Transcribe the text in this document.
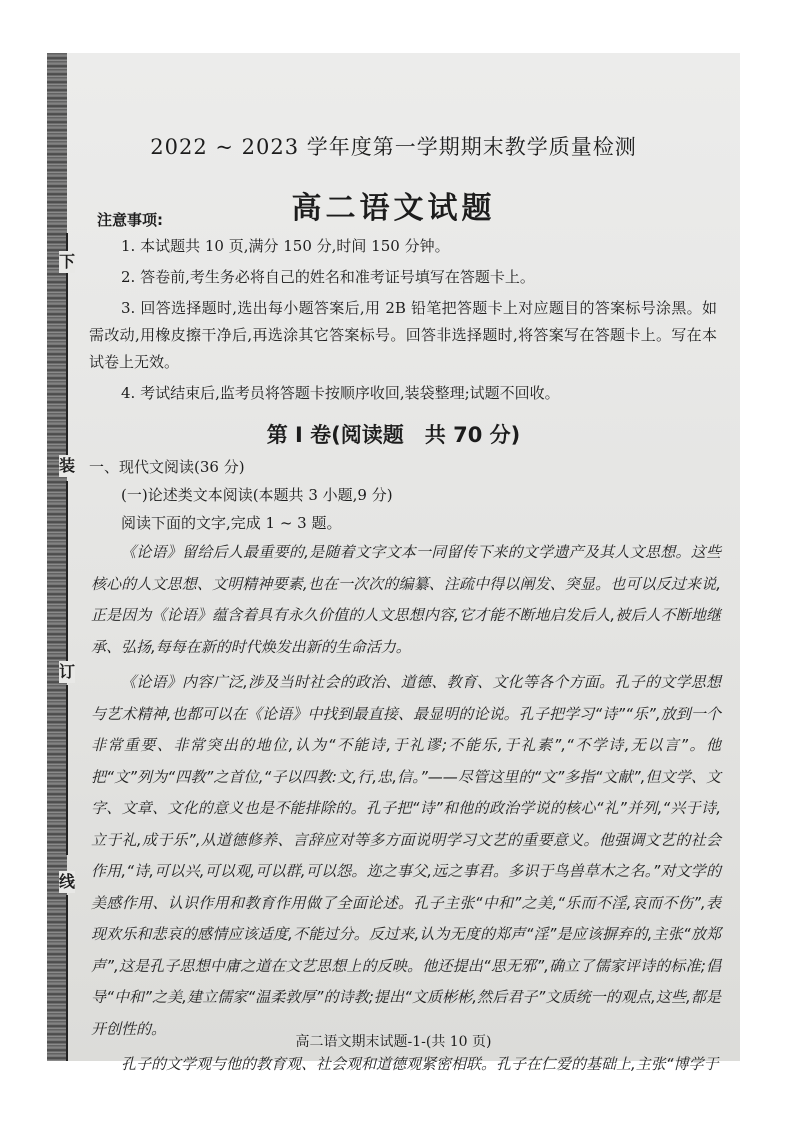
下
装
订
线
2022 ~ 2023 学年度第一学期期末教学质量检测
高二语文试题
注意事项:
1. 本试题共 10 页,满分 150 分,时间 150 分钟。
2. 答卷前,考生务必将自己的姓名和准考证号填写在答题卡上。
3. 回答选择题时,选出每小题答案后,用 2B 铅笔把答题卡上对应题目的答案标号涂黑。如需改动,用橡皮擦干净后,再选涂其它答案标号。回答非选择题时,将答案写在答题卡上。写在本试卷上无效。
4. 考试结束后,监考员将答题卡按顺序收回,装袋整理;试题不回收。
第 I 卷(阅读题　共 70 分)
一、现代文阅读(36 分)
(一)论述类文本阅读(本题共 3 小题,9 分)
阅读下面的文字,完成 1 ~ 3 题。

《论语》留给后人最重要的,是随着文字文本一同留传下来的文学遗产及其人文思想。这些核心的人文思想、文明精神要素,也在一次次的编纂、注疏中得以阐发、突显。也可以反过来说,正是因为《论语》蕴含着具有永久价值的人文思想内容,它才能不断地启发后人,被后人不断地继承、弘扬,每每在新的时代焕发出新的生命活力。

《论语》内容广泛,涉及当时社会的政治、道德、教育、文化等各个方面。孔子的文学思想与艺术精神,也都可以在《论语》中找到最直接、最显明的论说。孔子把学习“诗”“乐”,放到一个非常重要、非常突出的地位,认为“不能诗,于礼谬;不能乐,于礼素”,“不学诗,无以言”。他把“文”列为“四教”之首位,“子以四教:文,行,忠,信。”——尽管这里的“文”多指“文献”,但文学、文字、文章、文化的意义也是不能排除的。孔子把“诗”和他的政治学说的核心“礼”并列,“兴于诗,立于礼,成于乐”,从道德修养、言辞应对等多方面说明学习文艺的重要意义。他强调文艺的社会作用,“诗,可以兴,可以观,可以群,可以怨。迩之事父,远之事君。多识于鸟兽草木之名。”对文学的美感作用、认识作用和教育作用做了全面论述。孔子主张“中和”之美,“乐而不淫,哀而不伤”,表现欢乐和悲哀的感情应该适度,不能过分。反过来,认为无度的郑声“淫”是应该摒弃的,主张“放郑声”,这是孔子思想中庸之道在文艺思想上的反映。他还提出“思无邪”,确立了儒家评诗的标准;倡导“中和”之美,建立儒家“温柔敦厚”的诗教;提出“文质彬彬,然后君子”文质统一的观点,这些,都是开创性的。

孔子的文学观与他的教育观、社会观和道德观紧密相联。孔子在仁爱的基础上,主张“博学于

高二语文期末试题-1-(共 10 页)
